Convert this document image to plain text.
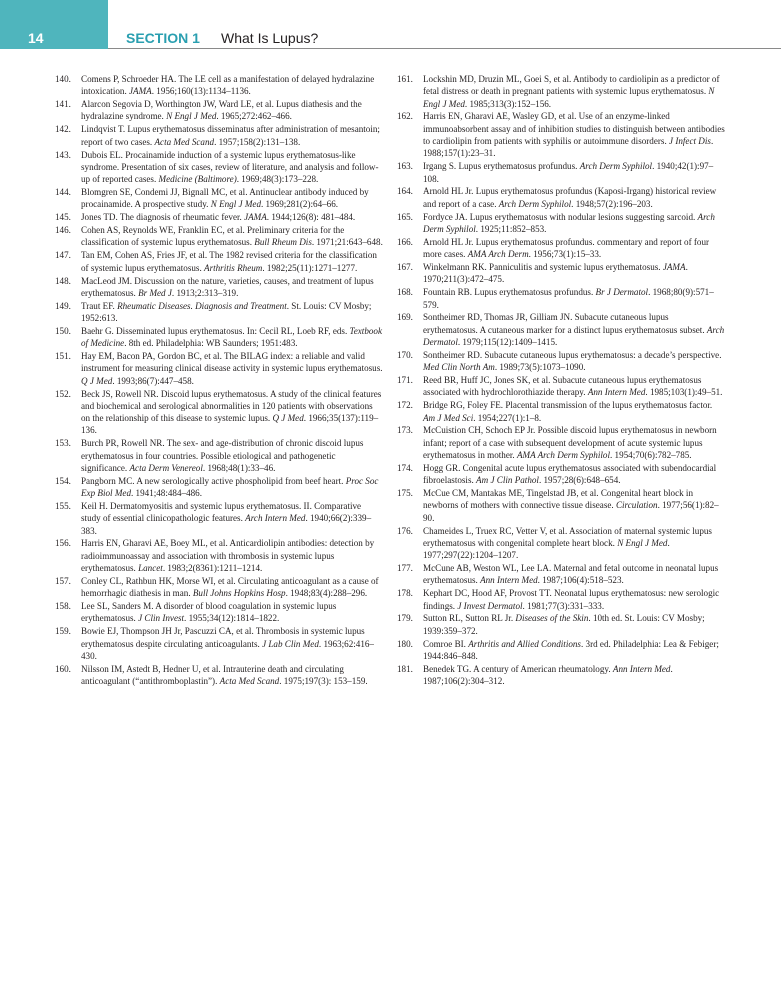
14	SECTION 1 What Is Lupus?
140. Comens P, Schroeder HA. The LE cell as a manifestation of delayed hydralazine intoxication. JAMA. 1956;160(13):1134–1136.
141. Alarcon Segovia D, Worthington JW, Ward LE, et al. Lupus diathesis and the hydralazine syndrome. N Engl J Med. 1965;272:462–466.
142. Lindqvist T. Lupus erythematosus disseminatus after administration of mesantoin; report of two cases. Acta Med Scand. 1957;158(2):131–138.
143. Dubois EL. Procainamide induction of a systemic lupus erythematosus-like syndrome. Presentation of six cases, review of literature, and analysis and follow-up of reported cases. Medicine (Baltimore). 1969;48(3):173–228.
144. Blomgren SE, Condemi JJ, Bignall MC, et al. Antinuclear antibody induced by procainamide. A prospective study. N Engl J Med. 1969;281(2):64–66.
145. Jones TD. The diagnosis of rheumatic fever. JAMA. 1944;126(8): 481–484.
146. Cohen AS, Reynolds WE, Franklin EC, et al. Preliminary criteria for the classification of systemic lupus erythematosus. Bull Rheum Dis. 1971;21:643–648.
147. Tan EM, Cohen AS, Fries JF, et al. The 1982 revised criteria for the classification of systemic lupus erythematosus. Arthritis Rheum. 1982;25(11):1271–1277.
148. MacLeod JM. Discussion on the nature, varieties, causes, and treatment of lupus erythematosus. Br Med J. 1913;2:313–319.
149. Traut EF. Rheumatic Diseases. Diagnosis and Treatment. St. Louis: CV Mosby; 1952:613.
150. Baehr G. Disseminated lupus erythematosus. In: Cecil RL, Loeb RF, eds. Textbook of Medicine. 8th ed. Philadelphia: WB Saunders; 1951:483.
151. Hay EM, Bacon PA, Gordon BC, et al. The BILAG index: a reliable and valid instrument for measuring clinical disease activity in systemic lupus erythematosus. Q J Med. 1993;86(7):447–458.
152. Beck JS, Rowell NR. Discoid lupus erythematosus. A study of the clinical features and biochemical and serological abnormalities in 120 patients with observations on the relationship of this disease to systemic lupus. Q J Med. 1966;35(137):119–136.
153. Burch PR, Rowell NR. The sex- and age-distribution of chronic discoid lupus erythematosus in four countries. Possible etiological and pathogenetic significance. Acta Derm Venereol. 1968;48(1):33–46.
154. Pangborn MC. A new serologically active phospholipid from beef heart. Proc Soc Exp Biol Med. 1941;48:484–486.
155. Keil H. Dermatomyositis and systemic lupus erythematosus. II. Comparative study of essential clinicopathologic features. Arch Intern Med. 1940;66(2):339–383.
156. Harris EN, Gharavi AE, Boey ML, et al. Anticardiolipin antibodies: detection by radioimmunoassay and association with thrombosis in systemic lupus erythematosus. Lancet. 1983;2(8361):1211–1214.
157. Conley CL, Rathbun HK, Morse WI, et al. Circulating anticoagulant as a cause of hemorrhagic diathesis in man. Bull Johns Hopkins Hosp. 1948;83(4):288–296.
158. Lee SL, Sanders M. A disorder of blood coagulation in systemic lupus erythematosus. J Clin Invest. 1955;34(12):1814–1822.
159. Bowie EJ, Thompson JH Jr, Pascuzzi CA, et al. Thrombosis in systemic lupus erythematosus despite circulating anticoagulants. J Lab Clin Med. 1963;62:416–430.
160. Nilsson IM, Astedt B, Hedner U, et al. Intrauterine death and circulating anticoagulant (“antithromboplastin”). Acta Med Scand. 1975;197(3): 153–159.
161. Lockshin MD, Druzin ML, Goei S, et al. Antibody to cardiolipin as a predictor of fetal distress or death in pregnant patients with systemic lupus erythematosus. N Engl J Med. 1985;313(3):152–156.
162. Harris EN, Gharavi AE, Wasley GD, et al. Use of an enzyme-linked immunoabsorbent assay and of inhibition studies to distinguish between antibodies to cardiolipin from patients with syphilis or autoimmune disorders. J Infect Dis. 1988;157(1):23–31.
163. Irgang S. Lupus erythematosus profundus. Arch Derm Syphilol. 1940;42(1):97–108.
164. Arnold HL Jr. Lupus erythematosus profundus (Kaposi-Irgang) historical review and report of a case. Arch Derm Syphilol. 1948;57(2):196–203.
165. Fordyce JA. Lupus erythematosus with nodular lesions suggesting sarcoid. Arch Derm Syphilol. 1925;11:852–853.
166. Arnold HL Jr. Lupus erythematosus profundus. commentary and report of four more cases. AMA Arch Derm. 1956;73(1):15–33.
167. Winkelmann RK. Panniculitis and systemic lupus erythematosus. JAMA. 1970;211(3):472–475.
168. Fountain RB. Lupus erythematosus profundus. Br J Dermatol. 1968;80(9):571–579.
169. Sontheimer RD, Thomas JR, Gilliam JN. Subacute cutaneous lupus erythematosus. A cutaneous marker for a distinct lupus erythematosus subset. Arch Dermatol. 1979;115(12):1409–1415.
170. Sontheimer RD. Subacute cutaneous lupus erythematosus: a decade’s perspective. Med Clin North Am. 1989;73(5):1073–1090.
171. Reed BR, Huff JC, Jones SK, et al. Subacute cutaneous lupus erythematosus associated with hydrochlorothiazide therapy. Ann Intern Med. 1985;103(1):49–51.
172. Bridge RG, Foley FE. Placental transmission of the lupus erythematosus factor. Am J Med Sci. 1954;227(1):1–8.
173. McCuistion CH, Schoch EP Jr. Possible discoid lupus erythematosus in newborn infant; report of a case with subsequent development of acute systemic lupus erythematosus in mother. AMA Arch Derm Syphilol. 1954;70(6):782–785.
174. Hogg GR. Congenital acute lupus erythematosus associated with subendocardial fibroelastosis. Am J Clin Pathol. 1957;28(6):648–654.
175. McCue CM, Mantakas ME, Tingelstad JB, et al. Congenital heart block in newborns of mothers with connective tissue disease. Circulation. 1977;56(1):82–90.
176. Chameides L, Truex RC, Vetter V, et al. Association of maternal systemic lupus erythematosus with congenital complete heart block. N Engl J Med. 1977;297(22):1204–1207.
177. McCune AB, Weston WL, Lee LA. Maternal and fetal outcome in neonatal lupus erythematosus. Ann Intern Med. 1987;106(4):518–523.
178. Kephart DC, Hood AF, Provost TT. Neonatal lupus erythematosus: new serologic findings. J Invest Dermatol. 1981;77(3):331–333.
179. Sutton RL, Sutton RL Jr. Diseases of the Skin. 10th ed. St. Louis: CV Mosby; 1939:359–372.
180. Comroe BI. Arthritis and Allied Conditions. 3rd ed. Philadelphia: Lea & Febiger; 1944:846–848.
181. Benedek TG. A century of American rheumatology. Ann Intern Med. 1987;106(2):304–312.
